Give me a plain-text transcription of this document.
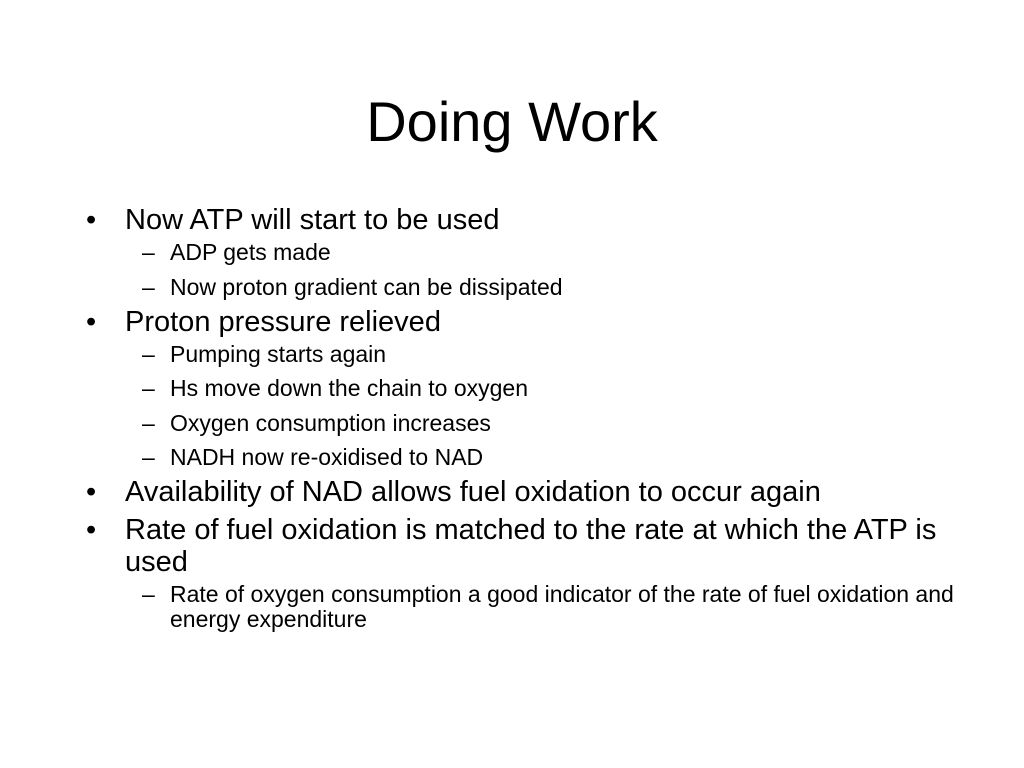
Doing Work
• Now ATP will start to be used
– ADP gets made
– Now proton gradient can be dissipated
• Proton pressure relieved
– Pumping starts again
– Hs move down the chain to oxygen
– Oxygen consumption increases
– NADH now re-oxidised to NAD
• Availability of NAD allows fuel oxidation to occur again
• Rate of fuel oxidation is matched to the rate at which the ATP is used
– Rate of oxygen consumption a good indicator of the rate of fuel oxidation and energy expenditure
